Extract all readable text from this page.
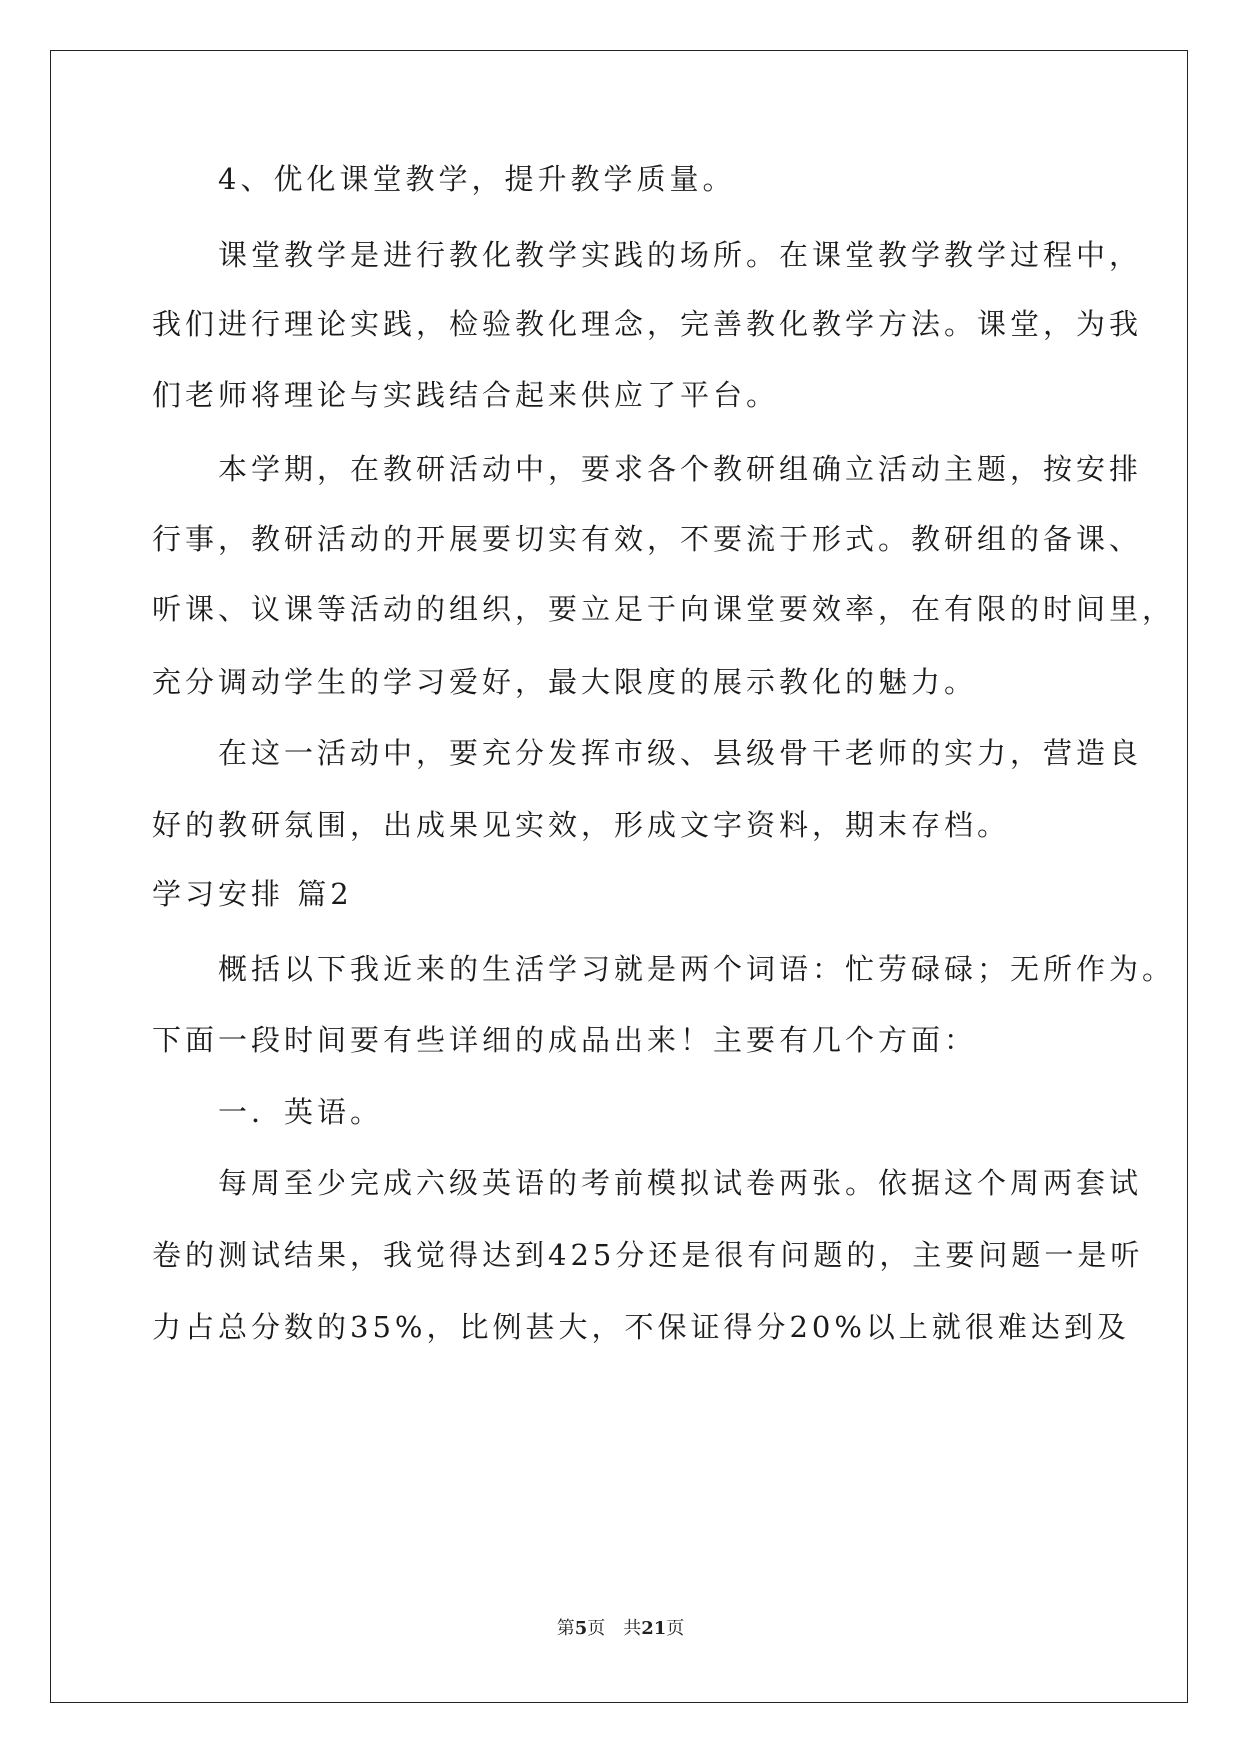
　　4、优化课堂教学，提升教学质量。

　　课堂教学是进行教化教学实践的场所。在课堂教学教学过程中，

我们进行理论实践，检验教化理念，完善教化教学方法。课堂，为我

们老师将理论与实践结合起来供应了平台。

　　本学期，在教研活动中，要求各个教研组确立活动主题，按安排

行事，教研活动的开展要切实有效，不要流于形式。教研组的备课、

听课、议课等活动的组织，要立足于向课堂要效率，在有限的时间里，

充分调动学生的学习爱好，最大限度的展示教化的魅力。

　　在这一活动中，要充分发挥市级、县级骨干老师的实力，营造良

好的教研氛围，出成果见实效，形成文字资料，期末存档。

学习安排 篇2

　　概括以下我近来的生活学习就是两个词语：忙劳碌碌；无所作为。

下面一段时间要有些详细的成品出来！主要有几个方面：

　　一．英语。

　　每周至少完成六级英语的考前模拟试卷两张。依据这个周两套试

卷的测试结果，我觉得达到425分还是很有问题的，主要问题一是听

力占总分数的35%，比例甚大，不保证得分20%以上就很难达到及

第5页 共21页
